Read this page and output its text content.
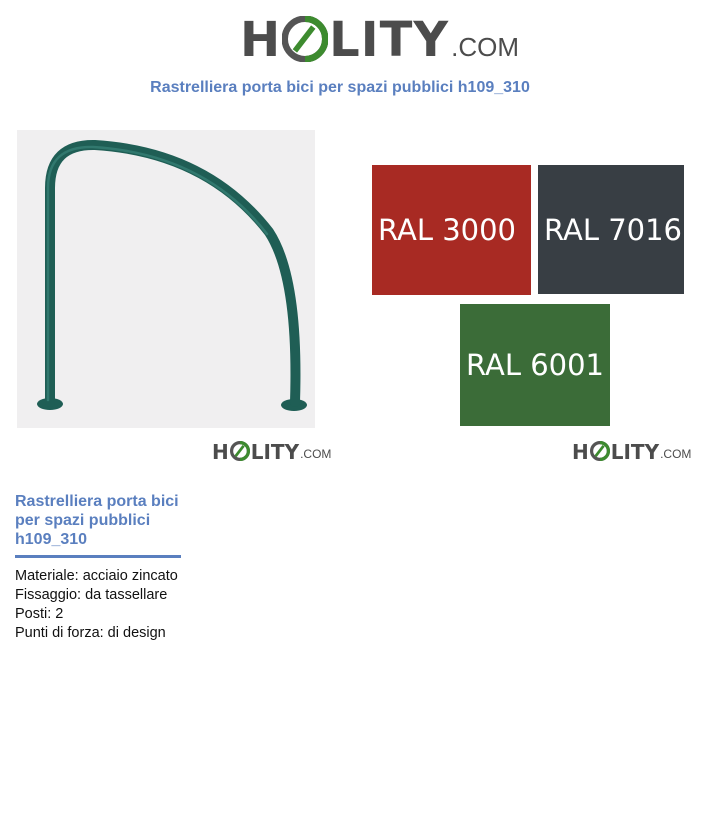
H LITY .COM
Rastrelliera porta bici per spazi pubblici h109_310
RAL 3000 RAL 7016
RAL 6001
H LITY .COM	H LITY .COM
Rastrelliera porta bici per spazi pubblici h109_310
Materiale: acciaio zincato
Fissaggio: da tassellare
Posti: 2
Punti di forza: di design
